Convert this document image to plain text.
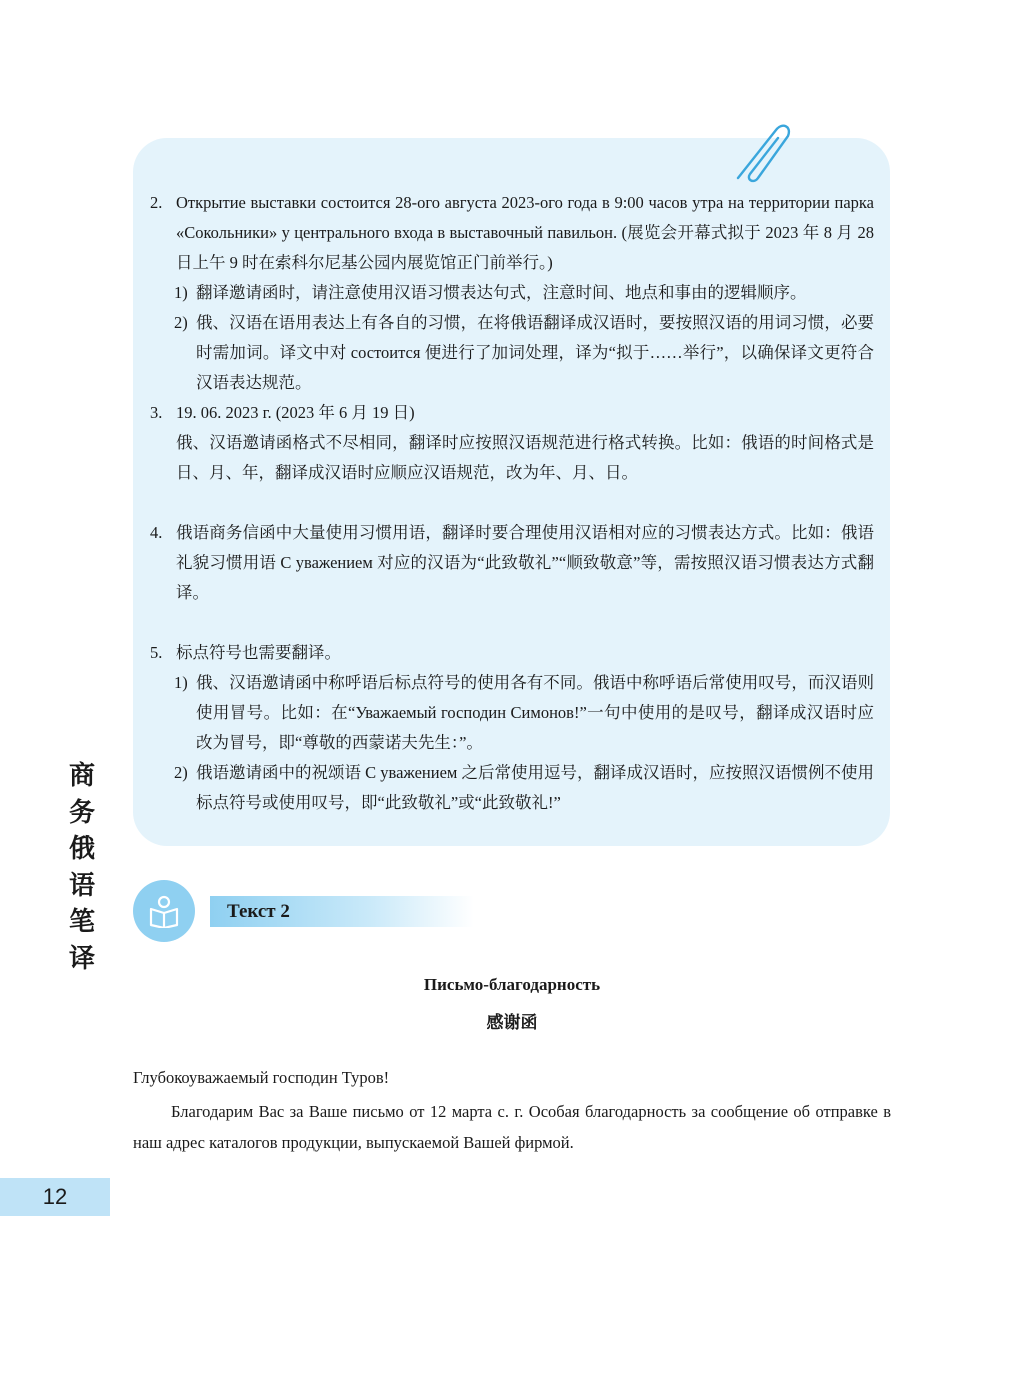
2. Открытие выставки состоится 28-ого августа 2023-ого года в 9:00 часов утра на территории парка «Сокольники» у центрального входа в выставочный павильон. (展览会开幕式拟于 2023 年 8 月 28 日上午 9 时在索科尔尼基公园内展览馆正门前举行。)
1) 翻译邀请函时，请注意使用汉语习惯表达句式，注意时间、地点和事由的逻辑顺序。
2) 俄、汉语在语用表达上有各自的习惯，在将俄语翻译成汉语时，要按照汉语的用词习惯，必要时需加词。译文中对 состоится 便进行了加词处理，译为“拟于……举行”，以确保译文更符合汉语表达规范。
3. 19. 06. 2023 г. (2023 年 6 月 19 日)
俄、汉语邀请函格式不尽相同，翻译时应按照汉语规范进行格式转换。比如：俄语的时间格式是日、月、年，翻译成汉语时应顺应汉语规范，改为年、月、日。
4. 俄语商务信函中大量使用习惯用语，翻译时要合理使用汉语相对应的习惯表达方式。比如：俄语礼貌习惯用语 С уважением 对应的汉语为“此致敬礼”“顺致敬意”等，需按照汉语习惯表达方式翻译。
5. 标点符号也需要翻译。
1) 俄、汉语邀请函中称呼语后标点符号的使用各有不同。俄语中称呼语后常使用叹号，而汉语则使用冒号。比如：在“Уважаемый господин Симонов!”一句中使用的是叹号，翻译成汉语时应改为冒号，即“尊敬的西蒙诺夫先生：”。
2) 俄语邀请函中的祝颂语 С уважением 之后常使用逗号，翻译成汉语时，应按照汉语惯例不使用标点符号或使用叹号，即“此致敬礼”或“此致敬礼!”
商
务
俄
语
笔
译
12
Текст 2
Письмо-благодарность
感谢函
Глубокоуважаемый господин Туров!
Благодарим Вас за Ваше письмо от 12 марта с. г. Особая благодарность за сообщение об отправке в наш адрес каталогов продукции, выпускаемой Вашей фирмой.
